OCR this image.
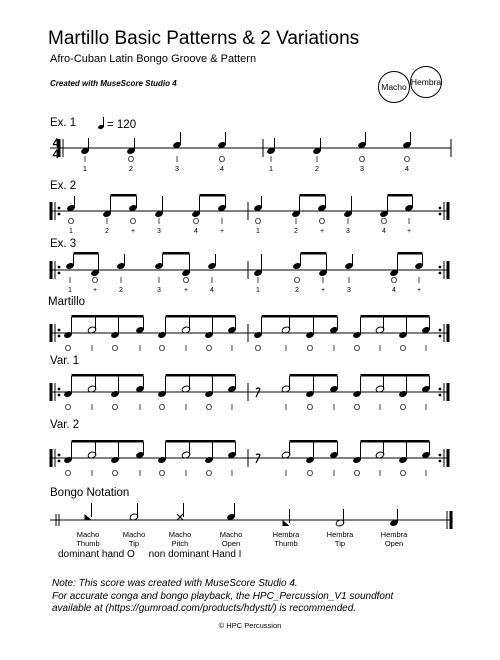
Martillo Basic Patterns & 2 Variations
Afro-Cuban Latin Bongo Groove & Pattern
Created with MuseScore Studio 4	Macho Hembra
Ex. 1	= 120
Ex. 2
Ex. 3
Martillo
Var. 1
Var. 2
Bongo Notation
4
4	I
1
O
2
I
3
O
4
I
1
I
2
O
3
O
4
O
1
I
2
O
+
I
3
O
4
I
+
O
1
I
2
O
+
I
3
O
4
I
+
I
1
O
+
I
2
I
3
O
+
I
4
I
1
O
2
I
+
I
3
O
4
I
+
O I O	I O I O I	O	I O I O I O I
O I O	I O I O I	I O I O I O I
O I O	I O I O I	I O I O I O I
Macho
Thumb
Macho
Tip
Macho
Pitch
Macho
Open
Hembra
Thumb
Hembra
Tip
Hembra
Open
dominant hand O     non dominant Hand I
Note: This score was created with MuseScore Studio 4.
For accurate conga and bongo playback, the HPC_Percussion_V1 soundfont
available at (https://gumroad.com/products/hdystt/) is recommended.
© HPC Percussion
